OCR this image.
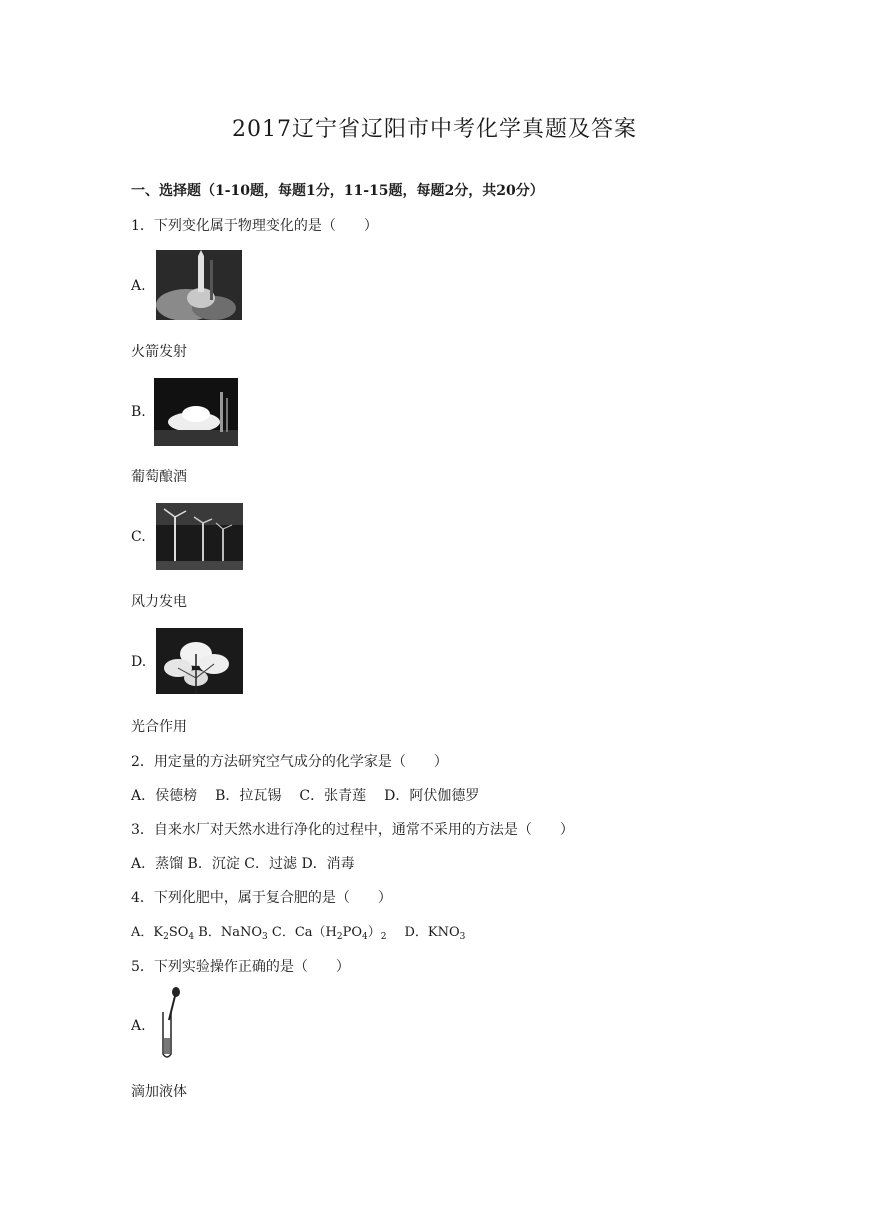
2017辽宁省辽阳市中考化学真题及答案
一、选择题（1-10题，每题1分，11-15题，每题2分，共20分）
1．下列变化属于物理变化的是（　　）
A.
火箭发射
B.
葡萄酿酒
C.
风力发电
D.
光合作用
2．用定量的方法研究空气成分的化学家是（　　）
A．侯德榜 B．拉瓦锡 C．张青莲 D．阿伏伽德罗
3．自来水厂对天然水进行净化的过程中，通常不采用的方法是（　　）
A．蒸馏 B．沉淀 C．过滤 D．消毒
4．下列化肥中，属于复合肥的是（　　）
A．$K_2SO_4$ B．NaNO$_3$ C．$Ca(H_2PO_4)_2$ D．$KNO_3$
5．下列实验操作正确的是（　　）
A.
滴加液体
